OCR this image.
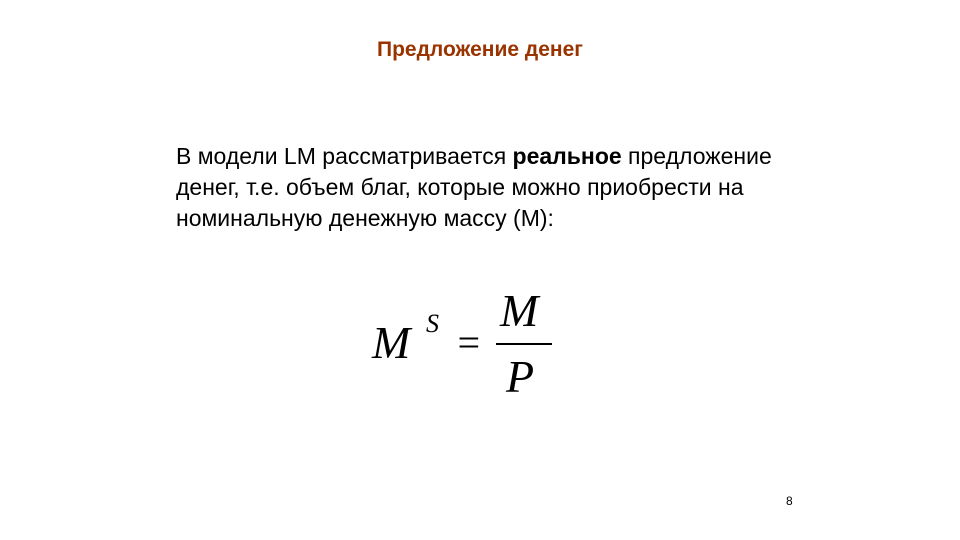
Предложение денег
В модели LM рассматривается реальное предложение денег, т.е. объем благ, которые можно приобрести на номинальную денежную массу (М):
M S =
M
P
8
